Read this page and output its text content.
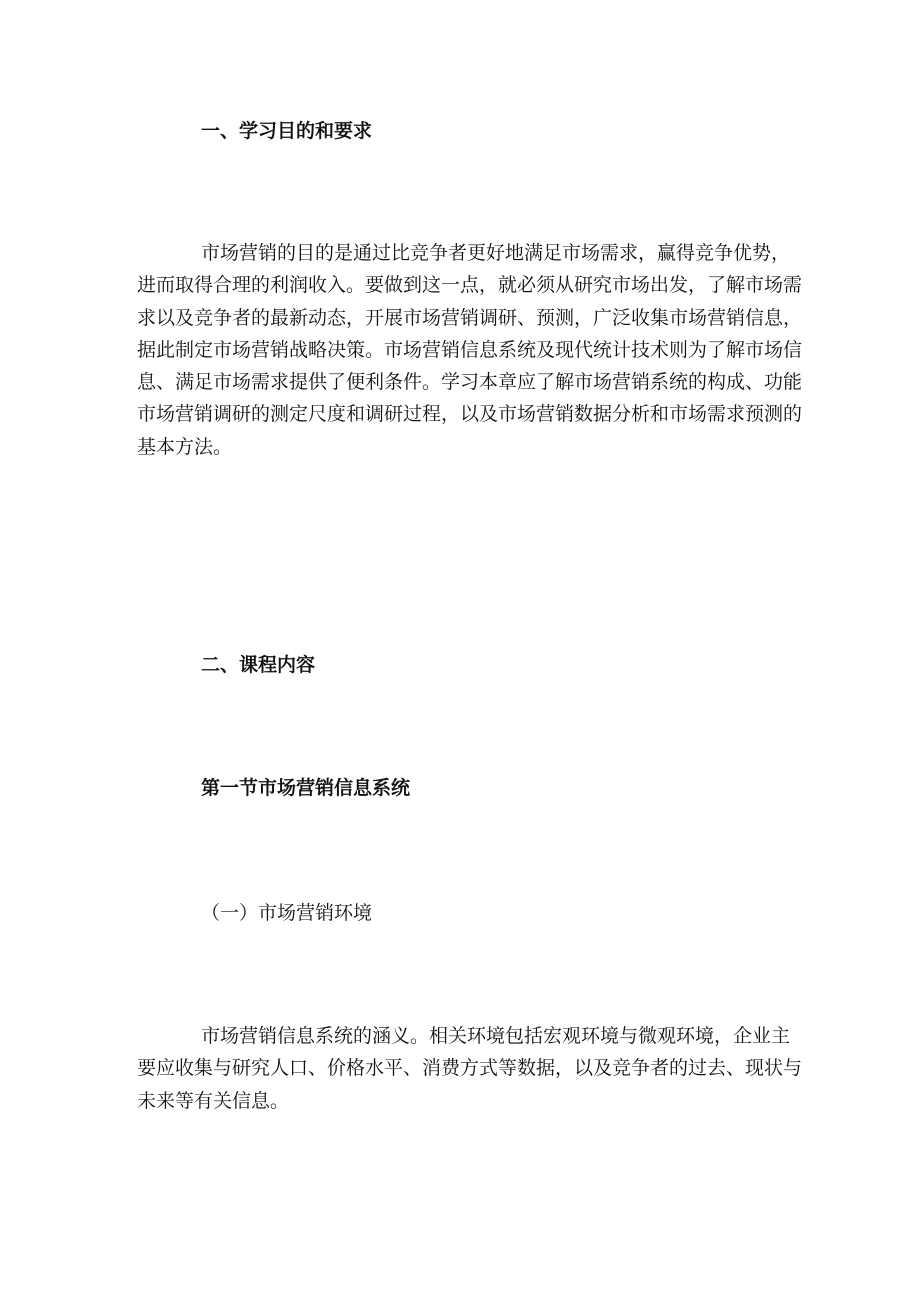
一、学习目的和要求
市场营销的目的是通过比竞争者更好地满足市场需求，赢得竞争优势，
进而取得合理的利润收入。要做到这一点，就必须从研究市场出发，了解市场需
求以及竞争者的最新动态，开展市场营销调研、预测，广泛收集市场营销信息，
据此制定市场营销战略决策。市场营销信息系统及现代统计技术则为了解市场信
息、满足市场需求提供了便利条件。学习本章应了解市场营销系统的构成、功能
市场营销调研的测定尺度和调研过程，以及市场营销数据分析和市场需求预测的
基本方法。
二、课程内容
第一节市场营销信息系统
（一）市场营销环境
市场营销信息系统的涵义。相关环境包括宏观环境与微观环境，企业主
要应收集与研究人口、价格水平、消费方式等数据，以及竞争者的过去、现状与
未来等有关信息。
